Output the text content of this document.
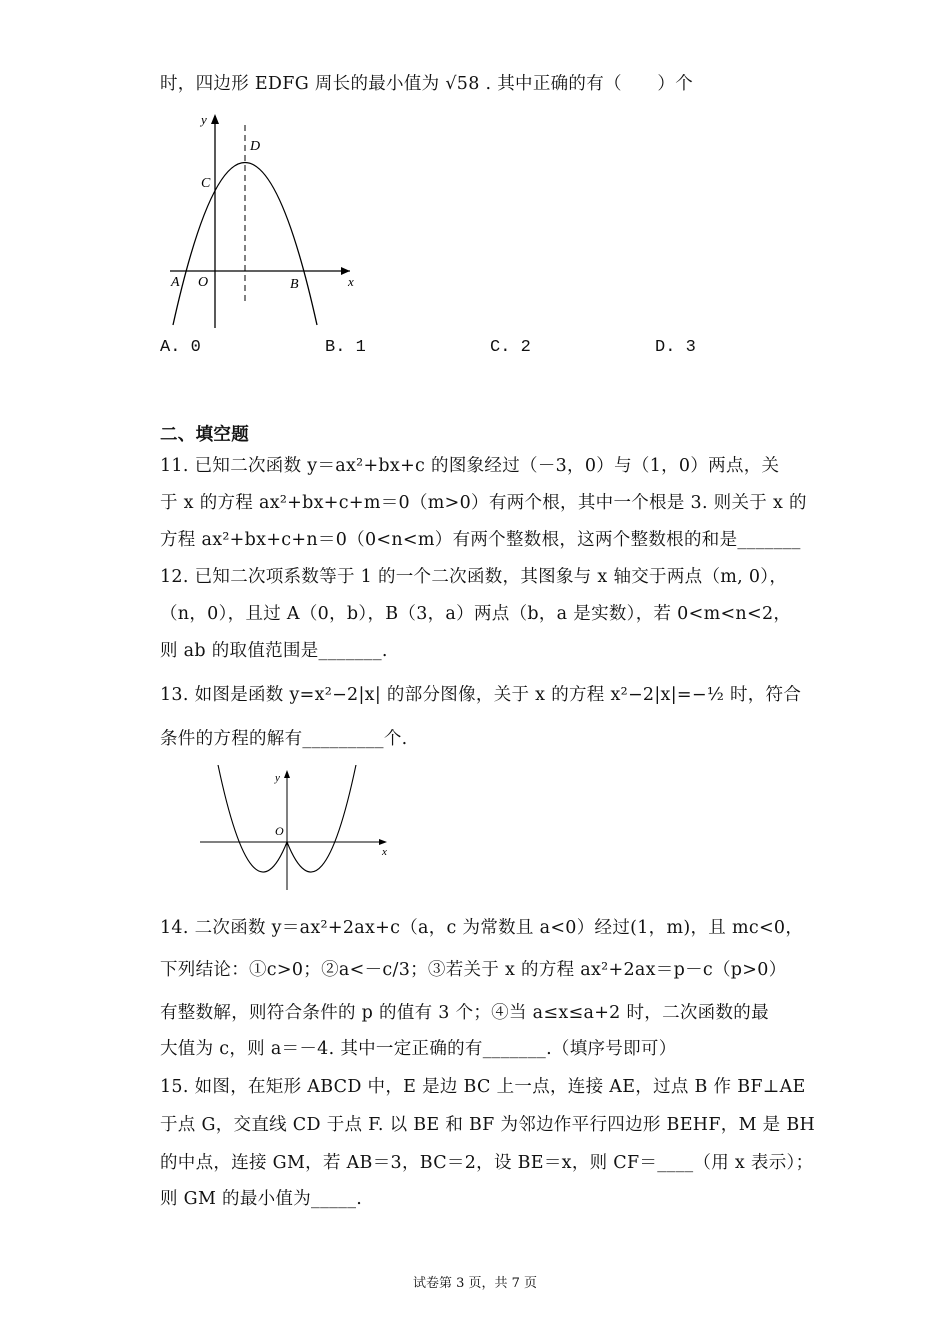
时，四边形 EDFG 周长的最小值为 √58 . 其中正确的有（　　）个
y
x
D
C
A O	B
A. 0	B. 1	C. 2	D. 3
二、填空题
11. 已知二次函数 y＝ax²+bx+c 的图象经过（－3，0）与（1，0）两点，关
于 x 的方程 ax²+bx+c+m＝0（m>0）有两个根，其中一个根是 3. 则关于 x 的
方程 ax²+bx+c+n＝0（0<n<m）有两个整数根，这两个整数根的和是_______
12. 已知二次项系数等于 1 的一个二次函数，其图象与 x 轴交于两点（m, 0），
（n，0），且过 A（0，b），B（3，a）两点（b，a 是实数），若 0<m<n<2，
则 ab 的取值范围是_______.
13. 如图是函数 y=x²−2|x| 的部分图像，关于 x 的方程 x²−2|x|=−½ 时，符合
条件的方程的解有_________个.
y
x
O
14. 二次函数 y＝ax²+2ax+c（a，c 为常数且 a<0）经过(1，m)，且 mc<0，
下列结论：①c>0；②a<－c/3；③若关于 x 的方程 ax²+2ax＝p－c（p>0）
有整数解，则符合条件的 p 的值有 3 个；④当 a≤x≤a+2 时，二次函数的最
大值为 c，则 a＝－4. 其中一定正确的有_______.（填序号即可）
15. 如图，在矩形 ABCD 中，E 是边 BC 上一点，连接 AE，过点 B 作 BF⊥AE
于点 G，交直线 CD 于点 F. 以 BE 和 BF 为邻边作平行四边形 BEHF，M 是 BH
的中点，连接 GM，若 AB＝3，BC＝2，设 BE＝x，则 CF＝____（用 x 表示）；
则 GM 的最小值为_____.
试卷第 3 页，共 7 页
